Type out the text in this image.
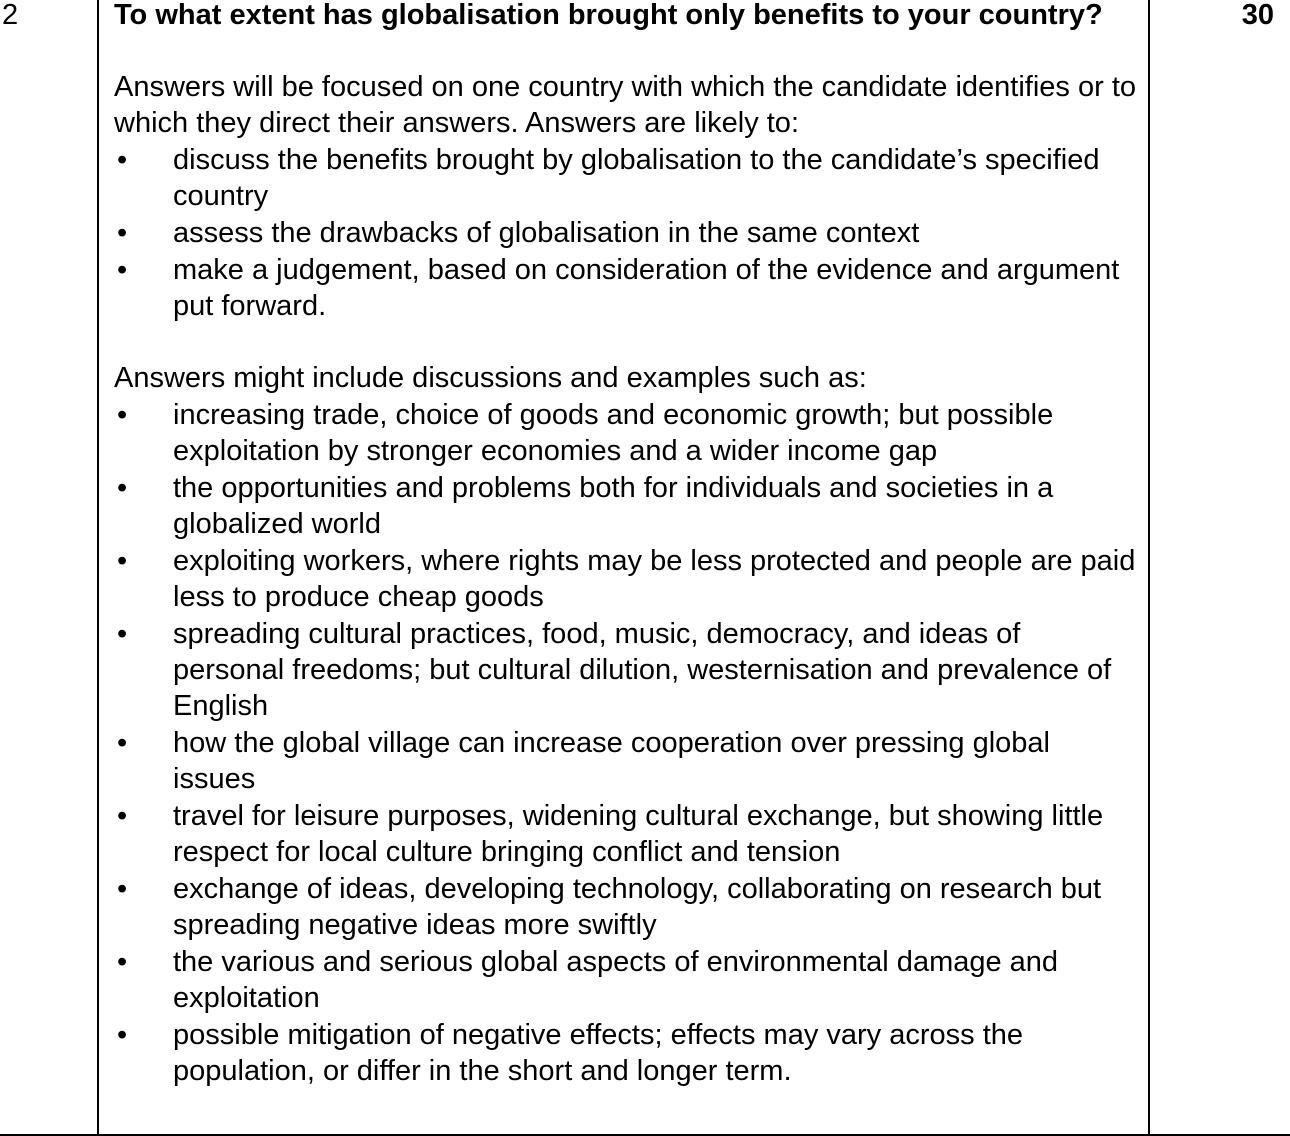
2	To what extent has globalisation brought only benefits to your country?

Answers will be focused on one country with which the candidate identifies or to which they direct their answers. Answers are likely to:

• discuss the benefits brought by globalisation to the candidate’s specified country
• assess the drawbacks of globalisation in the same context
• make a judgement, based on consideration of the evidence and argument put forward.

Answers might include discussions and examples such as:

• increasing trade, choice of goods and economic growth; but possible exploitation by stronger economies and a wider income gap
• the opportunities and problems both for individuals and societies in a globalized world
• exploiting workers, where rights may be less protected and people are paid less to produce cheap goods
• spreading cultural practices, food, music, democracy, and ideas of personal freedoms; but cultural dilution, westernisation and prevalence of English
• how the global village can increase cooperation over pressing global issues
• travel for leisure purposes, widening cultural exchange, but showing little respect for local culture bringing conflict and tension
• exchange of ideas, developing technology, collaborating on research but spreading negative ideas more swiftly
• the various and serious global aspects of environmental damage and exploitation
• possible mitigation of negative effects; effects may vary across the population, or differ in the short and longer term.
30
